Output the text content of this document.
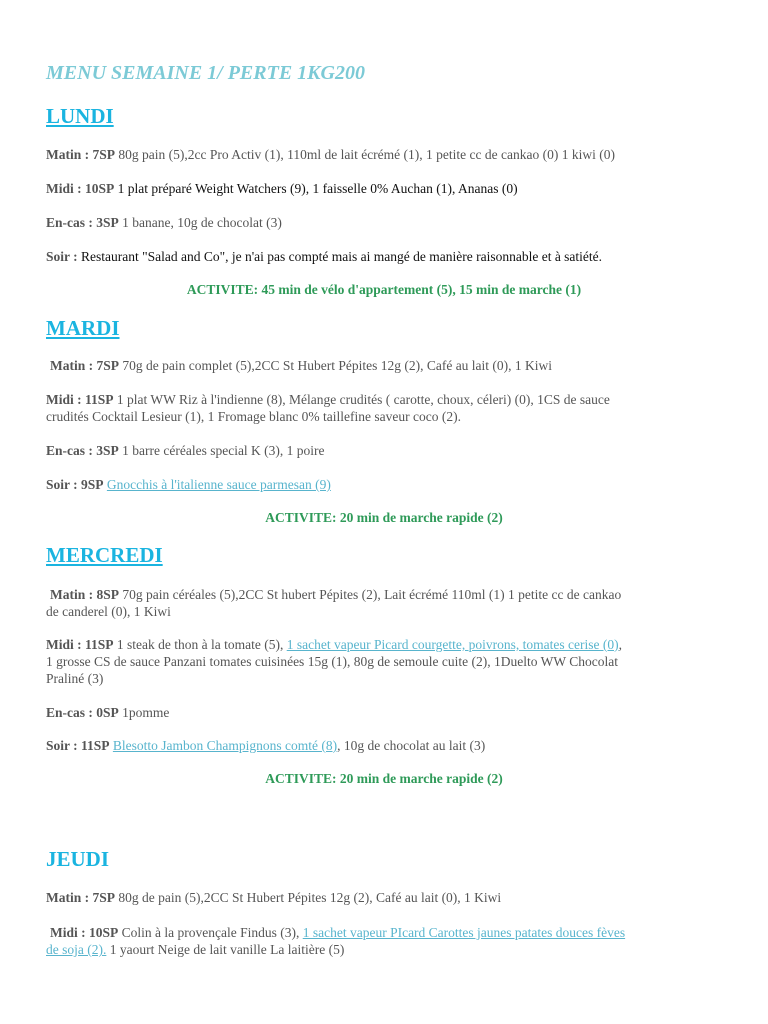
MENU SEMAINE 1/ PERTE 1KG200
LUNDI
Matin : 7SP 80g pain (5),2cc Pro Activ (1), 110ml de lait écrémé (1), 1 petite cc de cankao (0) 1 kiwi (0)
Midi : 10SP 1 plat préparé Weight Watchers (9), 1 faisselle 0% Auchan (1), Ananas (0)
En-cas : 3SP 1 banane, 10g de chocolat (3)
Soir : Restaurant "Salad and Co", je n'ai pas compté mais ai mangé de manière raisonnable et à satiété.
ACTIVITE: 45 min de vélo d'appartement (5), 15 min de marche (1)
MARDI
Matin : 7SP 70g de pain complet (5),2CC St Hubert Pépites 12g (2), Café au lait (0), 1 Kiwi
Midi : 11SP 1 plat WW Riz à l'indienne (8), Mélange crudités ( carotte, choux, céleri) (0), 1CS de sauce
crudités Cocktail Lesieur (1), 1 Fromage blanc 0% taillefine saveur coco (2).
En-cas : 3SP 1 barre céréales special K (3), 1 poire
Soir : 9SP Gnocchis à l'italienne sauce parmesan (9)
ACTIVITE: 20 min de marche rapide (2)
MERCREDI
Matin : 8SP 70g pain céréales (5),2CC St hubert Pépites (2), Lait écrémé 110ml (1) 1 petite cc de cankao
de canderel (0), 1 Kiwi
Midi : 11SP 1 steak de thon à la tomate (5), 1 sachet vapeur Picard courgette, poivrons, tomates cerise (0),
1 grosse CS de sauce Panzani tomates cuisinées 15g (1), 80g de semoule cuite (2), 1Duelto WW Chocolat
Praliné (3)
En-cas : 0SP 1pomme
Soir : 11SP Blesotto Jambon Champignons comté (8), 10g de chocolat au lait (3)
ACTIVITE: 20 min de marche rapide (2)
JEUDI
Matin : 7SP 80g de pain (5),2CC St Hubert Pépites 12g (2), Café au lait (0), 1 Kiwi
Midi : 10SP Colin à la provençale Findus (3), 1 sachet vapeur PIcard Carottes jaunes patates douces fèves
de soja (2). 1 yaourt Neige de lait vanille La laitière (5)
